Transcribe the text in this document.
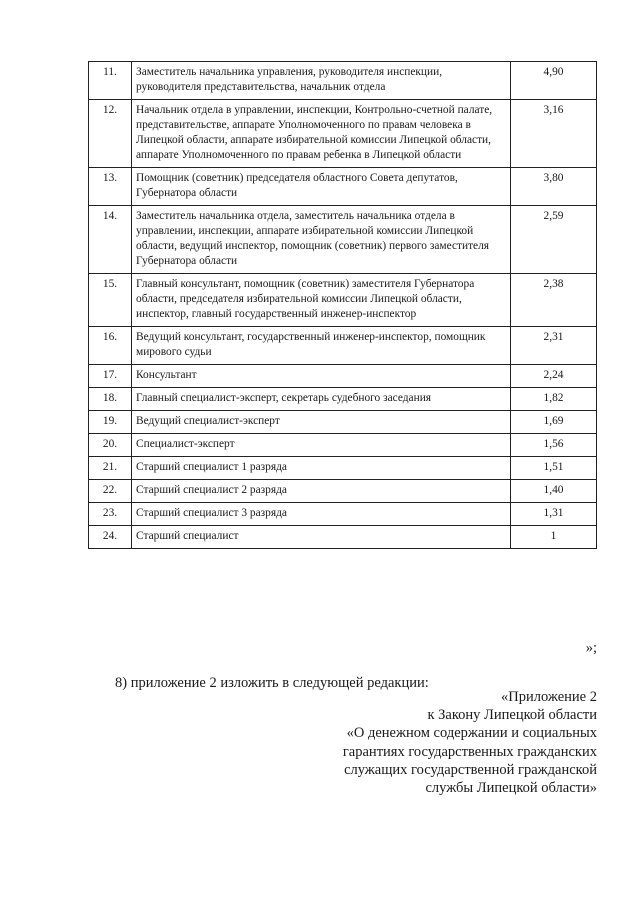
11.	Заместитель начальника управления, руководителя инспекции, руководителя представительства, начальник отдела	4,90
12.	Начальник отдела в управлении, инспекции, Контрольно-счетной палате, представительстве, аппарате Уполномоченного по правам человека в Липецкой области, аппарате избирательной комиссии Липецкой области, аппарате Уполномоченного по правам ребенка в Липецкой области	3,16
13.	Помощник (советник) председателя областного Совета депутатов, Губернатора области	3,80
14.	Заместитель начальника отдела, заместитель начальника отдела в управлении, инспекции, аппарате избирательной комиссии Липецкой области, ведущий инспектор, помощник (советник) первого заместителя Губернатора области	2,59
15.	Главный консультант, помощник (советник) заместителя Губернатора области, председателя избирательной комиссии Липецкой области, инспектор, главный государственный инженер-инспектор	2,38
16.	Ведущий консультант, государственный инженер-инспектор, помощник мирового судьи	2,31
17.	Консультант	2,24
18.	Главный специалист-эксперт, секретарь судебного заседания	1,82
19.	Ведущий специалист-эксперт	1,69
20.	Специалист-эксперт	1,56
21.	Старший специалист 1 разряда	1,51
22.	Старший специалист 2 разряда	1,40
23.	Старший специалист 3 разряда	1,31
24.	Старший специалист	1
»;
8) приложение 2 изложить в следующей редакции:
«Приложение 2
к Закону Липецкой области
«О денежном содержании и социальных
гарантиях государственных гражданских
служащих государственной гражданской
службы Липецкой области»
